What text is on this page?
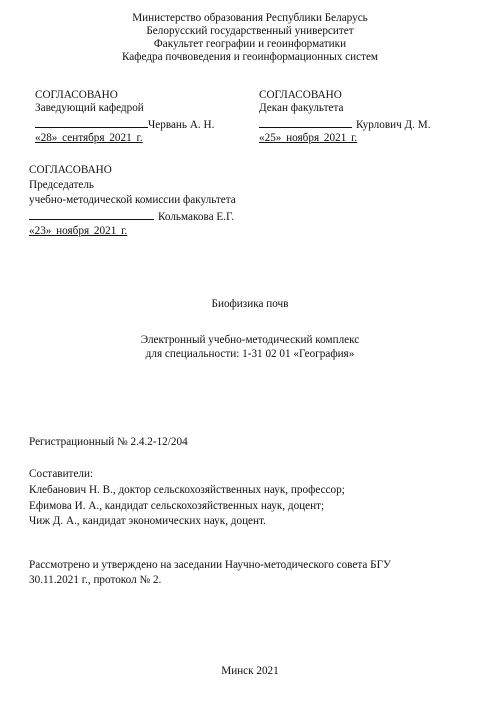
Министерство образования Республики Беларусь
Белорусский государственный университет
Факультет географии и геоинформатики
Кафедра почвоведения и геоинформационных систем
СОГЛАСОВАНО
Заведующий кафедрой
Червань А. Н.
«28» сентября 2021 г.
СОГЛАСОВАНО
Декан факультета
Курлович Д. М.
«25» ноября 2021 г.
СОГЛАСОВАНО
Председатель
учебно-методической комиссии факультета
Кольмакова Е.Г.
«23» ноября 2021 г.
Биофизика почв
Электронный учебно-методический комплекс
для специальности: 1-31 02 01 «География»
Регистрационный № 2.4.2-12/204
Составители:
Клебанович Н. В., доктор сельскохозяйственных наук, профессор;
Ефимова И. А., кандидат сельскохозяйственных наук, доцент;
Чиж Д. А., кандидат экономических наук, доцент.
Рассмотрено и утверждено на заседании Научно-методического совета БГУ
30.11.2021 г., протокол № 2.
Минск 2021
